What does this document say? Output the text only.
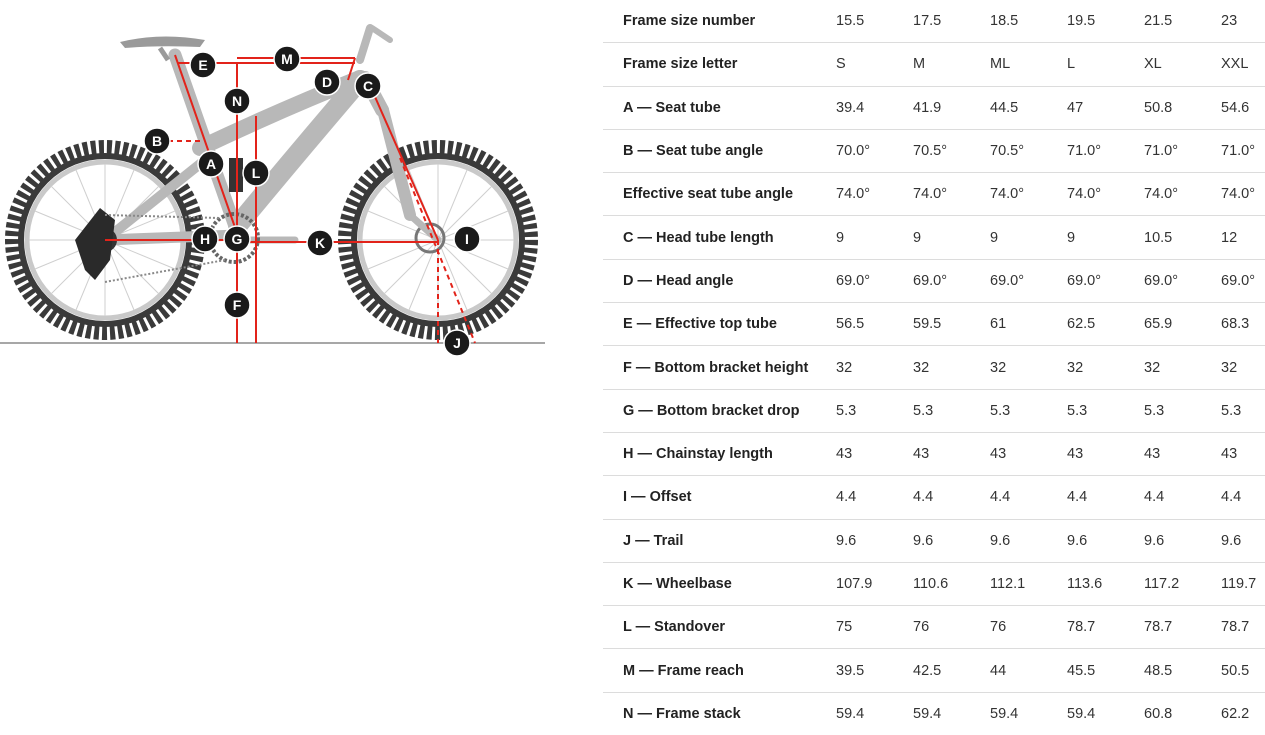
A
B
C
D
E
F
G
H	I
J
K
L
M
N
Frame size number	15.5	17.5	18.5	19.5	21.5	23
Frame size letter	S	M	ML	L	XL	XXL
A — Seat tube	39.4	41.9	44.5	47	50.8	54.6
B — Seat tube angle	70.0°	70.5°	70.5°	71.0°	71.0°	71.0°
Effective seat tube angle	74.0°	74.0°	74.0°	74.0°	74.0°	74.0°
C — Head tube length	9	9	9	9	10.5	12
D — Head angle	69.0°	69.0°	69.0°	69.0°	69.0°	69.0°
E — Effective top tube	56.5	59.5	61	62.5	65.9	68.3
F — Bottom bracket height	32	32	32	32	32	32
G — Bottom bracket drop	5.3	5.3	5.3	5.3	5.3	5.3
H — Chainstay length	43	43	43	43	43	43
I — Offset	4.4	4.4	4.4	4.4	4.4	4.4
J — Trail	9.6	9.6	9.6	9.6	9.6	9.6
K — Wheelbase	107.9	110.6	112.1	113.6	117.2	119.7
L — Standover	75	76	76	78.7	78.7	78.7
M — Frame reach	39.5	42.5	44	45.5	48.5	50.5
N — Frame stack	59.4	59.4	59.4	59.4	60.8	62.2
